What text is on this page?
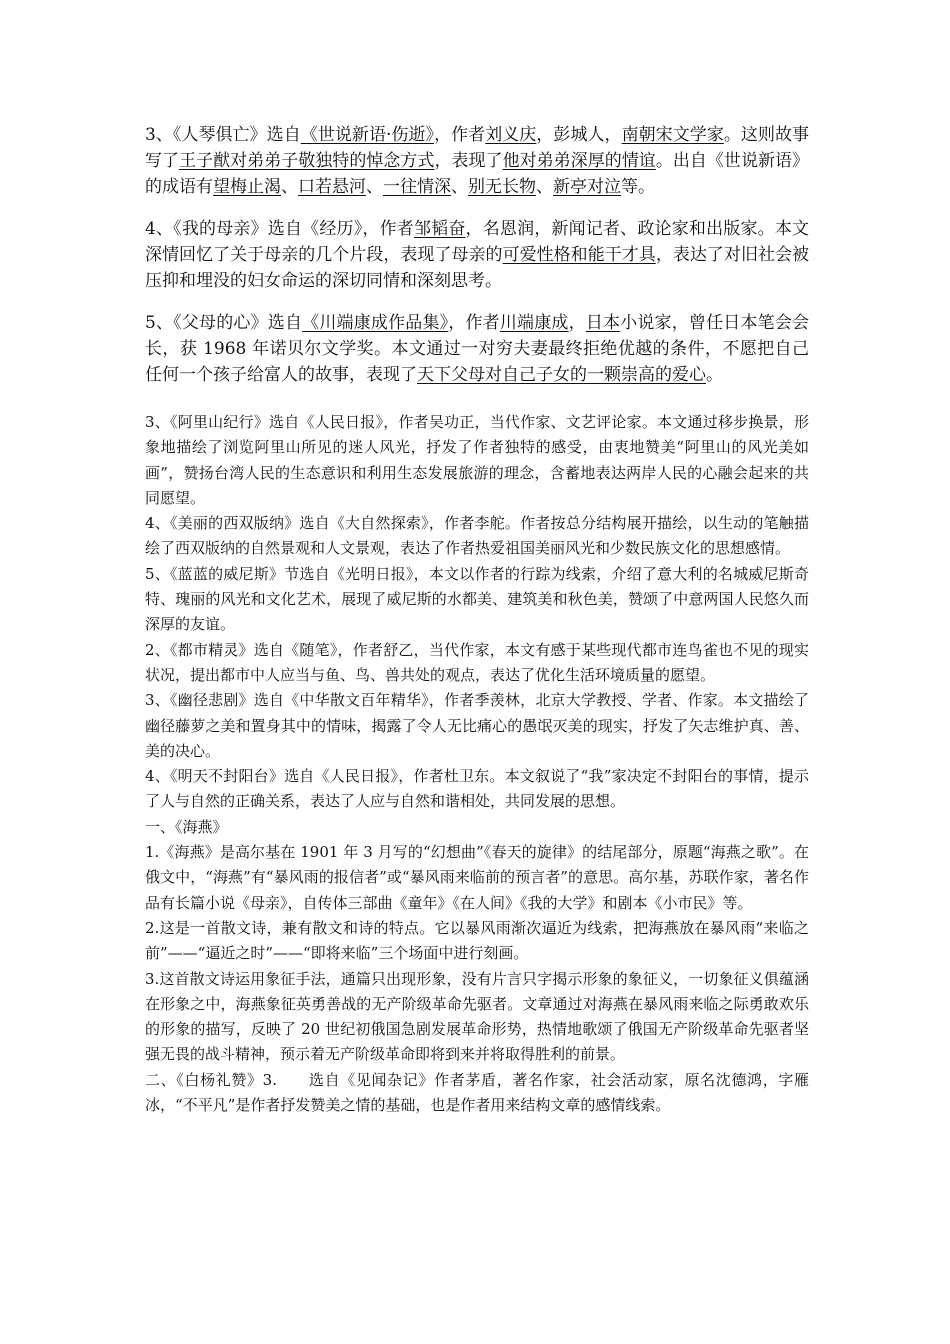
3、《人琴俱亡》选自《世说新语·伤逝》，作者刘义庆，彭城人，南朝宋文学家。这则故事写了王子猷对弟弟子敬独特的悼念方式，表现了他对弟弟深厚的情谊。出自《世说新语》的成语有望梅止渴、口若悬河、一往情深、别无长物、新亭对泣等。

4、《我的母亲》选自《经历》，作者邹韬奋，名恩润，新闻记者、政论家和出版家。本文深情回忆了关于母亲的几个片段，表现了母亲的可爱性格和能干才具，表达了对旧社会被压抑和埋没的妇女命运的深切同情和深刻思考。

5、《父母的心》选自《川端康成作品集》，作者川端康成，日本小说家，曾任日本笔会会长，获 1968 年诺贝尔文学奖。本文通过一对穷夫妻最终拒绝优越的条件，不愿把自己任何一个孩子给富人的故事，表现了天下父母对自己子女的一颗崇高的爱心。

3、《阿里山纪行》选自《人民日报》，作者吴功正，当代作家、文艺评论家。本文通过移步换景，形象地描绘了浏览阿里山所见的迷人风光，抒发了作者独特的感受，由衷地赞美“阿里山的风光美如画”，赞扬台湾人民的生态意识和利用生态发展旅游的理念，含蓄地表达两岸人民的心融会起来的共同愿望。

4、《美丽的西双版纳》选自《大自然探索》，作者李舵。作者按总分结构展开描绘，以生动的笔触描绘了西双版纳的自然景观和人文景观，表达了作者热爱祖国美丽风光和少数民族文化的思想感情。

5、《蓝蓝的威尼斯》节选自《光明日报》，本文以作者的行踪为线索，介绍了意大利的名城威尼斯奇特、瑰丽的风光和文化艺术，展现了威尼斯的水都美、建筑美和秋色美，赞颂了中意两国人民悠久而深厚的友谊。

2、《都市精灵》选自《随笔》，作者舒乙，当代作家，本文有感于某些现代都市连鸟雀也不见的现实状况，提出都市中人应当与鱼、鸟、兽共处的观点，表达了优化生活环境质量的愿望。

3、《幽径悲剧》选自《中华散文百年精华》，作者季羡林，北京大学教授、学者、作家。本文描绘了幽径藤萝之美和置身其中的情味，揭露了令人无比痛心的愚氓灭美的现实，抒发了矢志维护真、善、美的决心。

4、《明天不封阳台》选自《人民日报》，作者杜卫东。本文叙说了“我”家决定不封阳台的事情，提示了人与自然的正确关系，表达了人应与自然和谐相处，共同发展的思想。

一、《海燕》

1.《海燕》是高尔基在 1901 年 3 月写的“幻想曲”《春天的旋律》的结尾部分，原题“海燕之歌”。在俄文中，“海燕”有“暴风雨的报信者”或“暴风雨来临前的预言者”的意思。高尔基，苏联作家，著名作品有长篇小说《母亲》，自传体三部曲《童年》《在人间》《我的大学》和剧本《小市民》等。

2.这是一首散文诗，兼有散文和诗的特点。它以暴风雨渐次逼近为线索，把海燕放在暴风雨“来临之前”——“逼近之时”——“即将来临”三个场面中进行刻画。

3.这首散文诗运用象征手法，通篇只出现形象，没有片言只字揭示形象的象征义，一切象征义俱蕴涵在形象之中，海燕象征英勇善战的无产阶级革命先驱者。文章通过对海燕在暴风雨来临之际勇敢欢乐的形象的描写，反映了 20 世纪初俄国急剧发展革命形势，热情地歌颂了俄国无产阶级革命先驱者坚强无畏的战斗精神，预示着无产阶级革命即将到来并将取得胜利的前景。

二、《白杨礼赞》3.　　选自《见闻杂记》作者茅盾，著名作家，社会活动家，原名沈德鸿，字雁冰，“不平凡”是作者抒发赞美之情的基础，也是作者用来结构文章的感情线索。
